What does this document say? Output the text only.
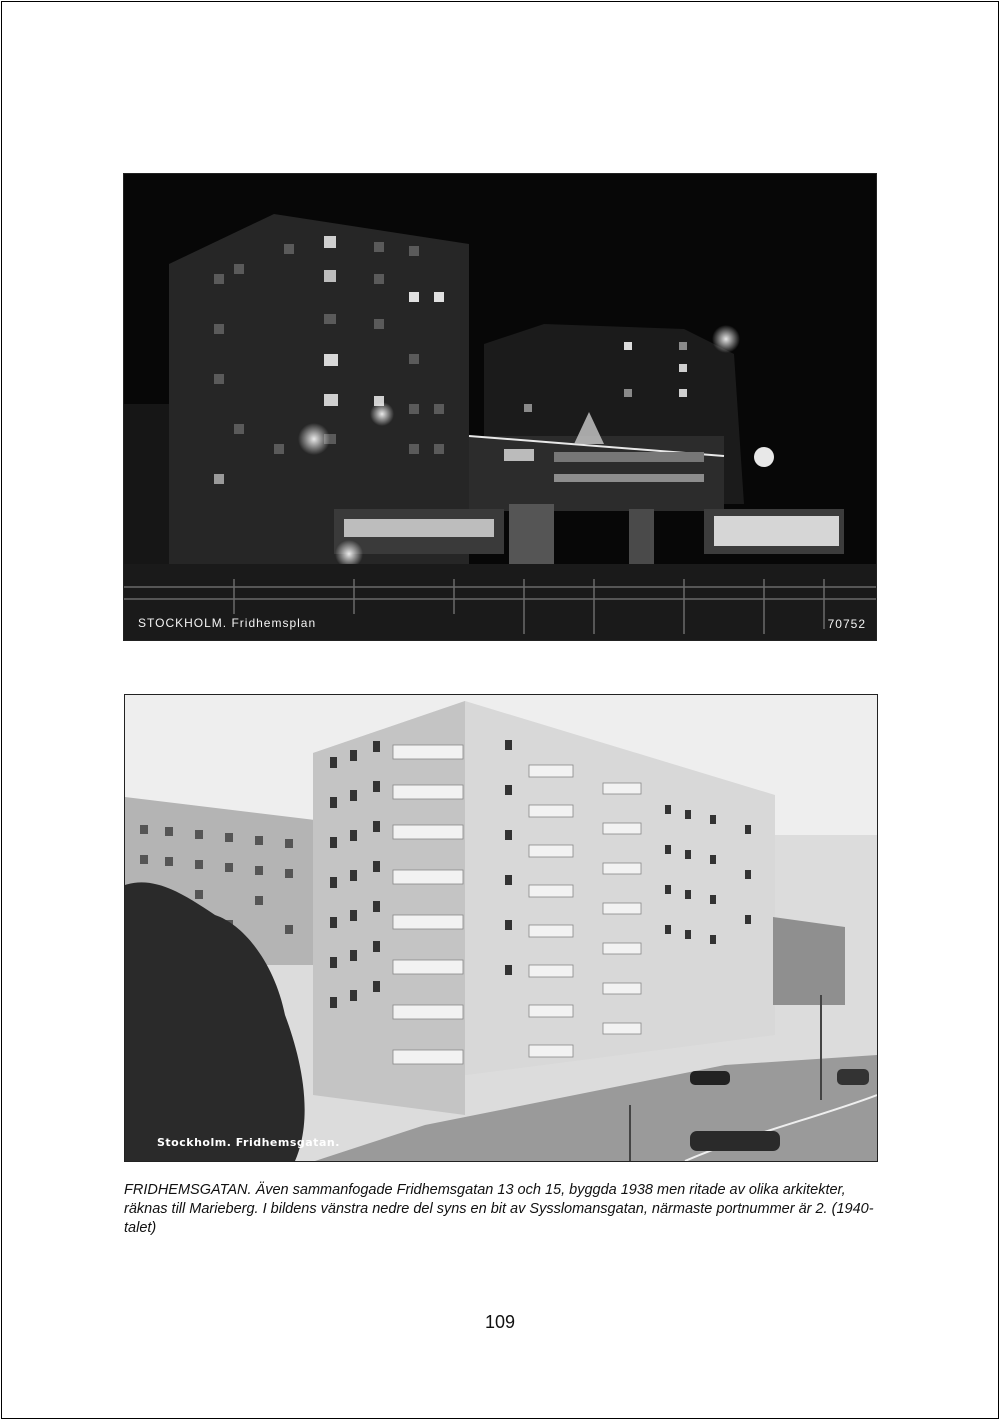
STOCKHOLM. Fridhemsplan	70752
Stockholm. Fridhemsgatan.
FRIDHEMSGATAN. Även sammanfogade Fridhemsgatan 13 och 15, byggda 1938 men ritade av olika arkitekter, räknas till Marieberg. I bildens vänstra nedre del syns en bit av Sysslomansgatan, närmaste portnummer är 2. (1940-talet)
109
